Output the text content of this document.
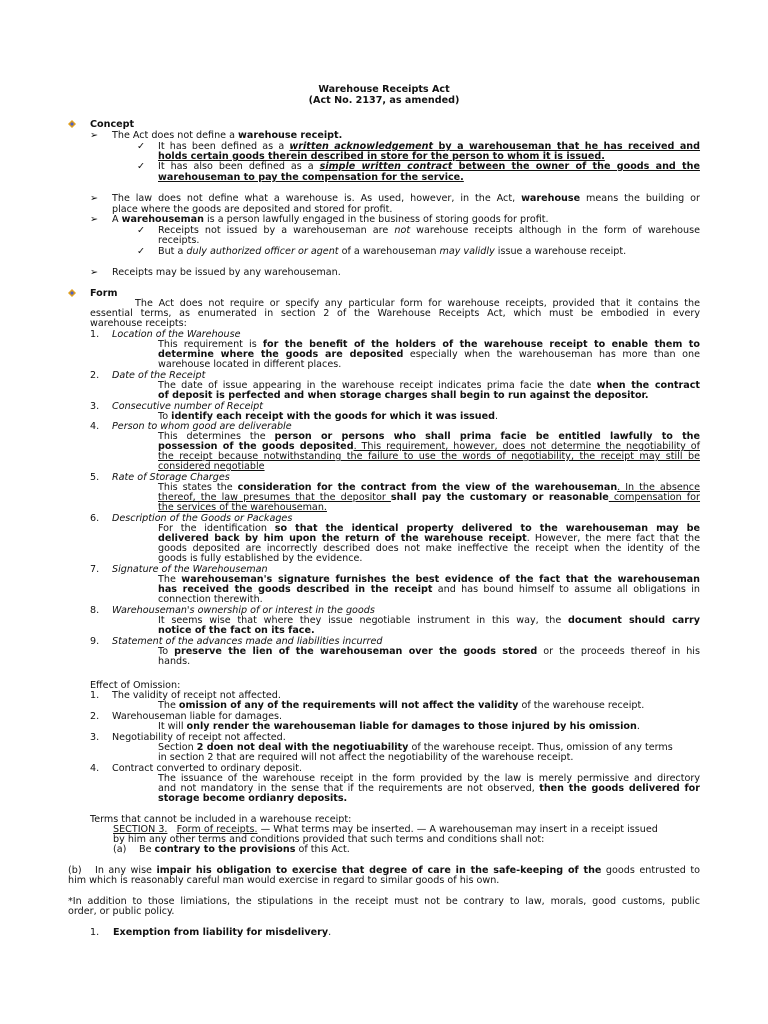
Warehouse Receipts Act
(Act No. 2137, as amended)
Concept
➢ The Act does not define a warehouse receipt.
✓ It has been defined as a written acknowledgement by a warehouseman that he has received and
holds certain goods therein described in store for the person to whom it is issued.
✓ It has also been defined as a simple written contract between the owner of the goods and the
warehouseman to pay the compensation for the service.
➢ The law does not define what a warehouse is. As used, however, in the Act, warehouse means the building or
place where the goods are deposited and stored for profit.
➢ A warehouseman is a person lawfully engaged in the business of storing goods for profit.
✓ Receipts not issued by a warehouseman are not warehouse receipts although in the form of warehouse
receipts.
✓ But a duly authorized officer or agent of a warehouseman may validly issue a warehouse receipt.
➢ Receipts may be issued by any warehouseman.
Form
The Act does not require or specify any particular form for warehouse receipts, provided that it contains the
essential terms, as enumerated in section 2 of the Warehouse Receipts Act, which must be embodied in every
warehouse receipts:
1. Location of the Warehouse
This requirement is for the benefit of the holders of the warehouse receipt to enable them to
determine where the goods are deposited especially when the warehouseman has more than one
warehouse located in different places.
2. Date of the Receipt
The date of issue appearing in the warehouse receipt indicates prima facie the date when the contract
of deposit is perfected and when storage charges shall begin to run against the depositor.
3. Consecutive number of Receipt
To identify each receipt with the goods for which it was issued.
4. Person to whom good are deliverable
This determines the person or persons who shall prima facie be entitled lawfully to the
possession of the goods deposited. This requirement, however, does not determine the negotiability of
the receipt because notwithstanding the failure to use the words of negotiability, the receipt may still be
considered negotiable
5. Rate of Storage Charges
This states the consideration for the contract from the view of the warehouseman. In the absence
thereof, the law presumes that the depositor shall pay the customary or reasonable compensation for
the services of the warehouseman.
6. Description of the Goods or Packages
For the identification so that the identical property delivered to the warehouseman may be
delivered back by him upon the return of the warehouse receipt. However, the mere fact that the
goods deposited are incorrectly described does not make ineffective the receipt when the identity of the
goods is fully established by the evidence.
7. Signature of the Warehouseman
The warehouseman's signature furnishes the best evidence of the fact that the warehouseman
has received the goods described in the receipt and has bound himself to assume all obligations in
connection therewith.
8. Warehouseman's ownership of or interest in the goods
It seems wise that where they issue negotiable instrument in this way, the document should carry
notice of the fact on its face.
9. Statement of the advances made and liabilities incurred
To preserve the lien of the warehouseman over the goods stored or the proceeds thereof in his
hands.
Effect of Omission:
1. The validity of receipt not affected.
The omission of any of the requirements will not affect the validity of the warehouse receipt.
2. Warehouseman liable for damages.
It will only render the warehouseman liable for damages to those injured by his omission.
3. Negotiability of receipt not affected.
Section 2 doen not deal with the negotiuability of the warehouse receipt. Thus, omission of any terms
in section 2 that are required will not affect the negotiability of the warehouse receipt.
4. Contract converted to ordinary deposit.
The issuance of the warehouse receipt in the form provided by the law is merely permissive and directory
and not mandatory in the sense that if the requirements are not observed, then the goods delivered for
storage become ordianry deposits.
Terms that cannot be included in a warehouse receipt:
SECTION 3. Form of receipts. — What terms may be inserted. — A warehouseman may insert in a receipt issued
by him any other terms and conditions provided that such terms and conditions shall not:
(a) Be contrary to the provisions of this Act.
(b) In any wise impair his obligation to exercise that degree of care in the safe-keeping of the goods entrusted to
him which is reasonably careful man would exercise in regard to similar goods of his own.
*In addition to those limiations, the stipulations in the receipt must not be contrary to law, morals, good customs, public
order, or public policy.
1. Exemption from liability for misdelivery.
